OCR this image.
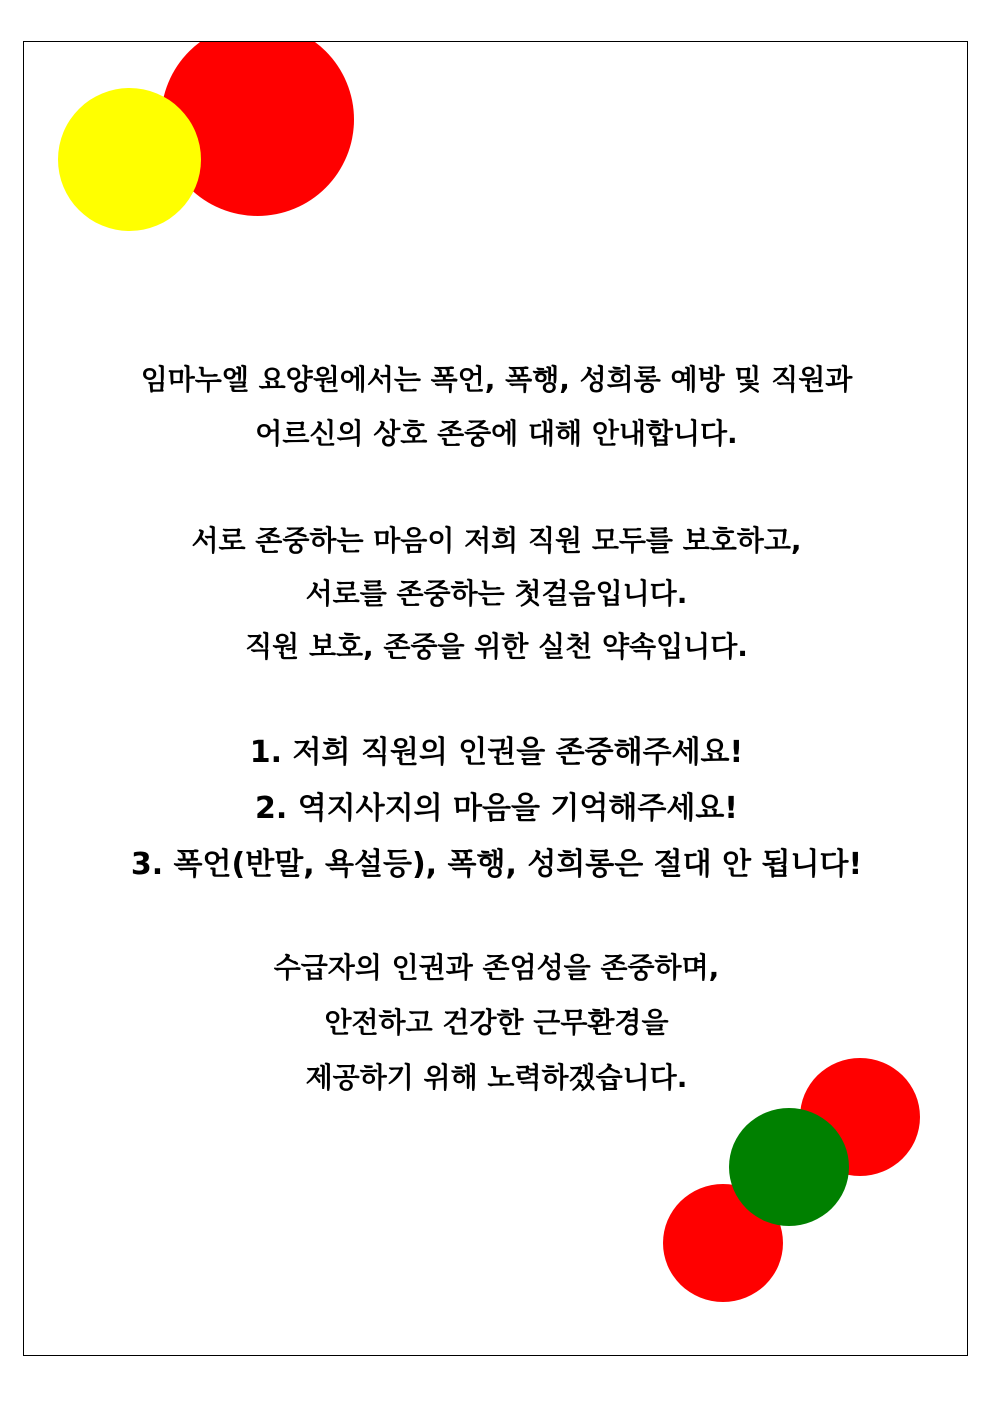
임마누엘 요양원에서는 폭언, 폭행, 성희롱 예방 및 직원과
어르신의 상호 존중에 대해 안내합니다.
서로 존중하는 마음이 저희 직원 모두를 보호하고,
서로를 존중하는 첫걸음입니다.
직원 보호, 존중을 위한 실천 약속입니다.
1. 저희 직원의 인권을 존중해주세요!
2. 역지사지의 마음을 기억해주세요!
3. 폭언(반말, 욕설등), 폭행, 성희롱은 절대 안 됩니다!
수급자의 인권과 존엄성을 존중하며,
안전하고 건강한 근무환경을
제공하기 위해 노력하겠습니다.
